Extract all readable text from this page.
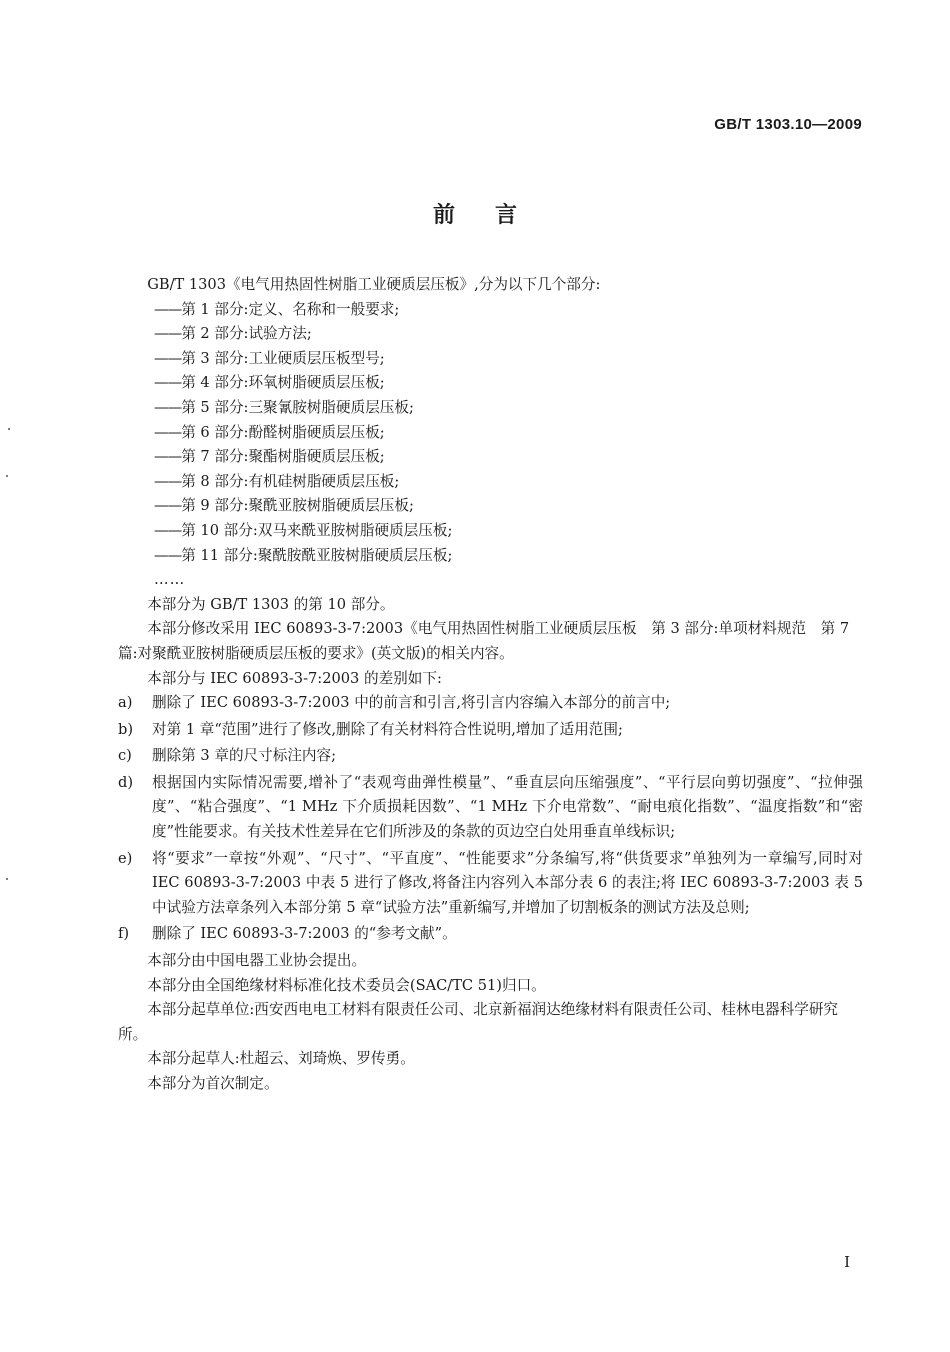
GB/T 1303.10—2009
前言

GB/T 1303《电气用热固性树脂工业硬质层压板》,分为以下几个部分:

——第 1 部分:定义、名称和一般要求;

——第 2 部分:试验方法;

——第 3 部分:工业硬质层压板型号;

——第 4 部分:环氧树脂硬质层压板;

——第 5 部分:三聚氰胺树脂硬质层压板;

——第 6 部分:酚醛树脂硬质层压板;

——第 7 部分:聚酯树脂硬质层压板;

——第 8 部分:有机硅树脂硬质层压板;

——第 9 部分:聚酰亚胺树脂硬质层压板;

——第 10 部分:双马来酰亚胺树脂硬质层压板;

——第 11 部分:聚酰胺酰亚胺树脂硬质层压板;

……

本部分为 GB/T 1303 的第 10 部分。

本部分修改采用 IEC 60893-3-7:2003《电气用热固性树脂工业硬质层压板　第 3 部分:单项材料规范　第 7 篇:对聚酰亚胺树脂硬质层压板的要求》(英文版)的相关内容。

本部分与 IEC 60893-3-7:2003 的差别如下:

a) 删除了 IEC 60893-3-7:2003 中的前言和引言,将引言内容编入本部分的前言中;
b) 对第 1 章“范围”进行了修改,删除了有关材料符合性说明,增加了适用范围;
c) 删除第 3 章的尺寸标注内容;
d) 根据国内实际情况需要,增补了“表观弯曲弹性模量”、“垂直层向压缩强度”、“平行层向剪切强度”、“拉伸强度”、“粘合强度”、“1 MHz 下介质损耗因数”、“1 MHz 下介电常数”、“耐电痕化指数”、“温度指数”和“密度”性能要求。有关技术性差异在它们所涉及的条款的页边空白处用垂直单线标识;
e) 将“要求”一章按“外观”、“尺寸”、“平直度”、“性能要求”分条编写,将“供货要求”单独列为一章编写,同时对 IEC 60893-3-7:2003 中表 5 进行了修改,将备注内容列入本部分表 6 的表注;将 IEC 60893-3-7:2003 表 5 中试验方法章条列入本部分第 5 章“试验方法”重新编写,并增加了切割板条的测试方法及总则;
f) 删除了 IEC 60893-3-7:2003 的“参考文献”。

本部分由中国电器工业协会提出。

本部分由全国绝缘材料标准化技术委员会(SAC/TC 51)归口。

本部分起草单位:西安西电电工材料有限责任公司、北京新福润达绝缘材料有限责任公司、桂林电器科学研究所。

本部分起草人:杜超云、刘琦焕、罗传勇。

本部分为首次制定。

I
